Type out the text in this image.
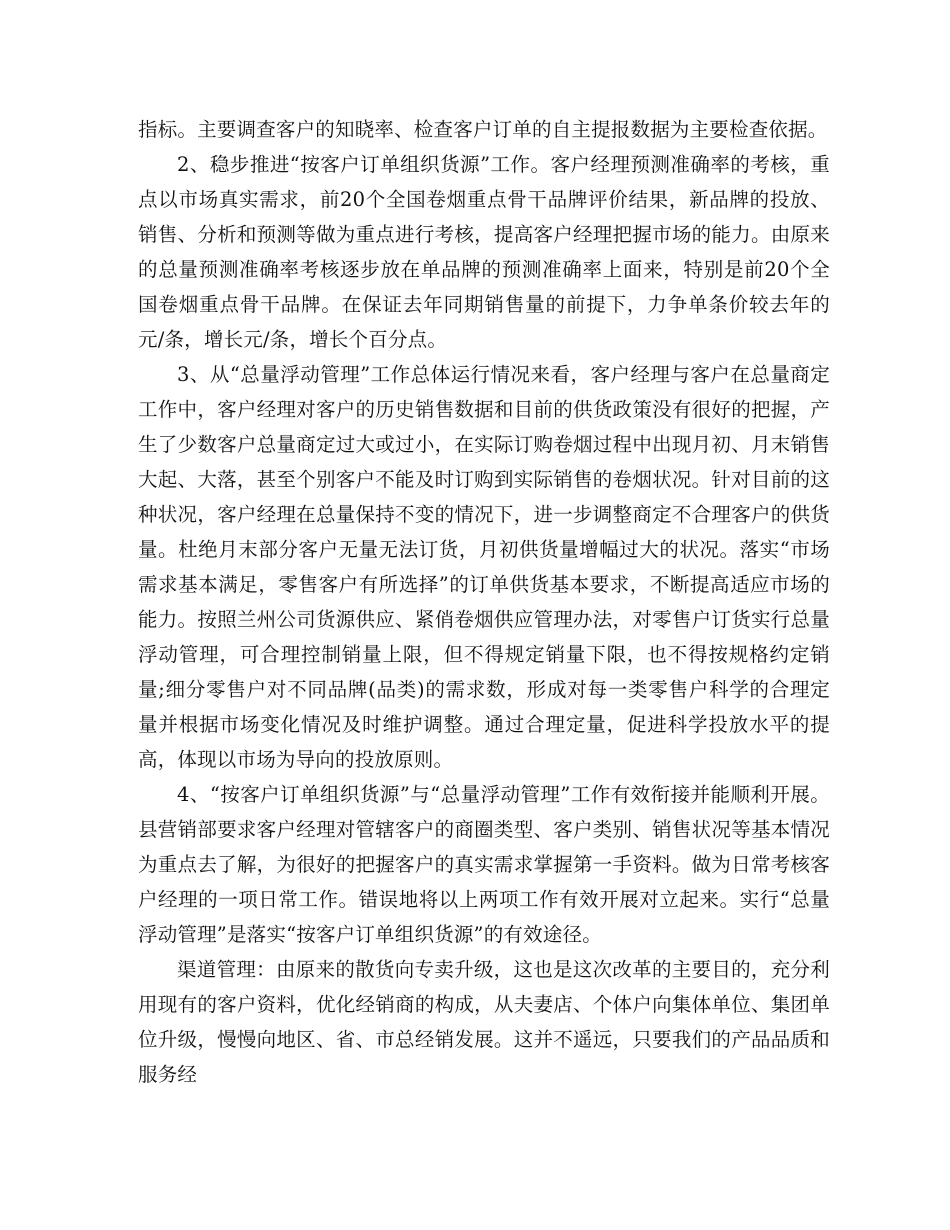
指标。主要调查客户的知晓率、检查客户订单的自主提报数据为主要检查依据。

2、稳步推进“按客户订单组织货源”工作。客户经理预测准确率的考核，重点以市场真实需求，前20个全国卷烟重点骨干品牌评价结果，新品牌的投放、销售、分析和预测等做为重点进行考核，提高客户经理把握市场的能力。由原来的总量预测准确率考核逐步放在单品牌的预测准确率上面来，特别是前20个全国卷烟重点骨干品牌。在保证去年同期销售量的前提下，力争单条价较去年的元/条，增长元/条，增长个百分点。

3、从“总量浮动管理”工作总体运行情况来看，客户经理与客户在总量商定工作中，客户经理对客户的历史销售数据和目前的供货政策没有很好的把握，产生了少数客户总量商定过大或过小，在实际订购卷烟过程中出现月初、月末销售大起、大落，甚至个别客户不能及时订购到实际销售的卷烟状况。针对目前的这种状况，客户经理在总量保持不变的情况下，进一步调整商定不合理客户的供货量。杜绝月末部分客户无量无法订货，月初供货量增幅过大的状况。落实“市场需求基本满足，零售客户有所选择”的订单供货基本要求，不断提高适应市场的能力。按照兰州公司货源供应、紧俏卷烟供应管理办法，对零售户订货实行总量浮动管理，可合理控制销量上限，但不得规定销量下限，也不得按规格约定销量;细分零售户对不同品牌(品类)的需求数，形成对每一类零售户科学的合理定量并根据市场变化情况及时维护调整。通过合理定量，促进科学投放水平的提高，体现以市场为导向的投放原则。

4、“按客户订单组织货源”与“总量浮动管理”工作有效衔接并能顺利开展。县营销部要求客户经理对管辖客户的商圈类型、客户类别、销售状况等基本情况为重点去了解，为很好的把握客户的真实需求掌握第一手资料。做为日常考核客户经理的一项日常工作。错误地将以上两项工作有效开展对立起来。实行“总量浮动管理”是落实“按客户订单组织货源”的有效途径。

渠道管理：由原来的散货向专卖升级，这也是这次改革的主要目的，充分利用现有的客户资料，优化经销商的构成，从夫妻店、个体户向集体单位、集团单位升级，慢慢向地区、省、市总经销发展。这并不遥远，只要我们的产品品质和服务经
